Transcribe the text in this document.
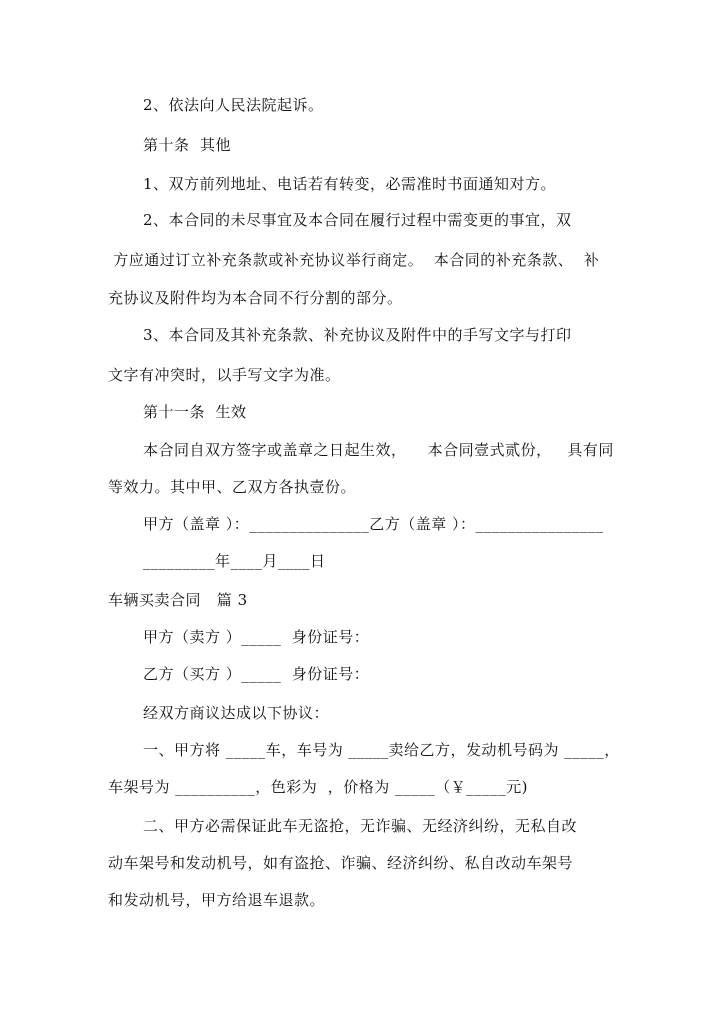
2、依法向人民法院起诉。
第十条  其他
1、双方前列地址、电话若有转变，必需准时书面通知对方。
2、本合同的未尽事宜及本合同在履行过程中需变更的事宜，双
方应通过订立补充条款或补充协议举行商定。  本合同的补充条款、  补
充协议及附件均为本合同不行分割的部分。
3、本合同及其补充条款、补充协议及附件中的手写文字与打印
文字有冲突时，以手写文字为准。
第十一条  生效
本合同自双方签字或盖章之日起生效，    本合同壹式贰份，   具有同
等效力。其中甲、乙双方各执壹份。
甲方（盖章 ）：_______________乙方（盖章 ）：________________
_________年____月____日
车辆买卖合同   篇 3
甲方（卖方 ）_____  身份证号：
乙方（买方 ）_____  身份证号：
经双方商议达成以下协议：
一、甲方将 _____车，车号为 _____卖给乙方，发动机号码为 _____，
车架号为 __________，色彩为  ，价格为 _____（￥_____元)
二、甲方必需保证此车无盗抢，无诈骗、无经济纠纷，无私自改
动车架号和发动机号，如有盗抢、诈骗、经济纠纷、私自改动车架号
和发动机号，甲方给退车退款。
